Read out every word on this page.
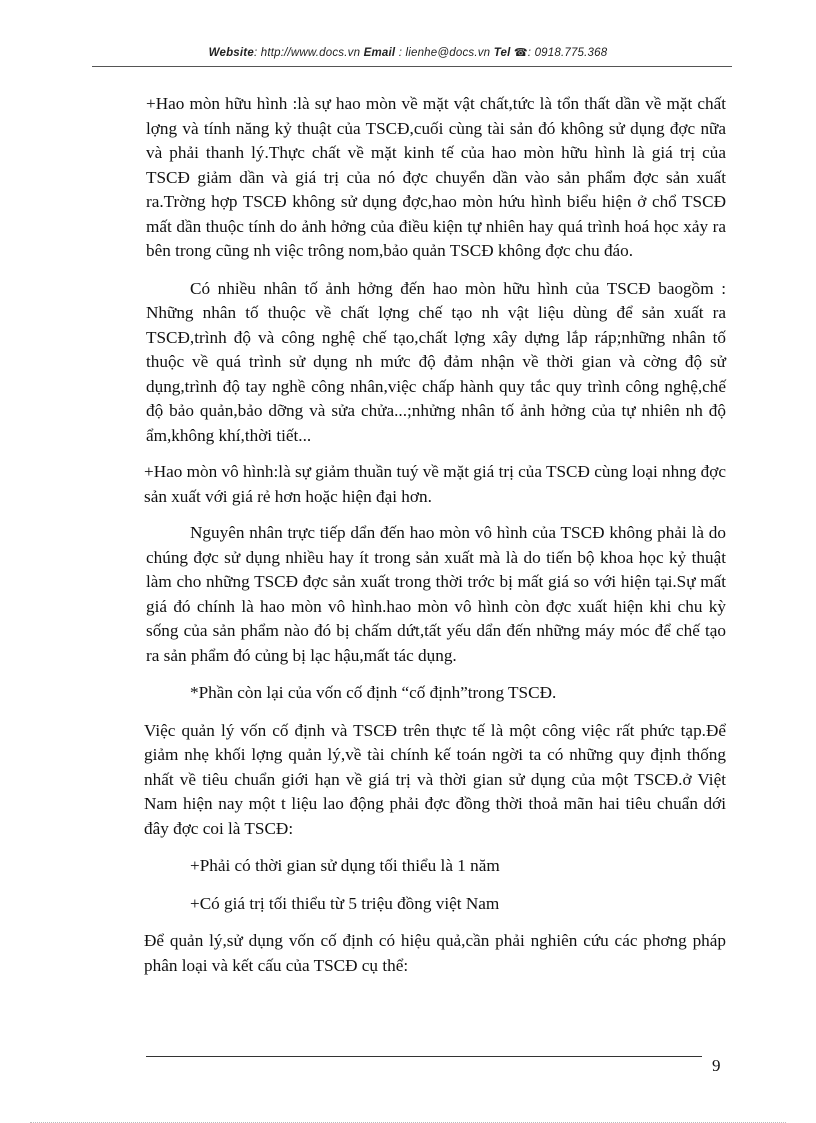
Website: http://www.docs.vn Email : lienhe@docs.vn Tel ☎: 0918.775.368

+Hao mòn hữu hình :là sự hao mòn về mặt vật chất,tức là tổn thất dần về mặt chất lợng và tính năng kỷ thuật của TSCĐ,cuối cùng tài sản đó không sử dụng đợc nữa và phải thanh lý.Thực chất về mặt kinh tế của hao mòn hữu hình là giá trị của TSCĐ giảm dần và giá trị của nó đợc chuyển dần vào sản phẩm đợc sản xuất ra.Trờng hợp TSCĐ không sử dụng đợc,hao mòn hứu hình biểu hiện ở chổ TSCĐ mất dần thuộc tính do ảnh hởng của điều kiện tự nhiên hay quá trình hoá học xảy ra bên trong cũng nh việc trông nom,bảo quản TSCĐ không đợc chu đáo.

Có nhiều nhân tố ảnh hởng đến hao mòn hữu hình của TSCĐ baogồm : Những nhân tố thuộc về chất lợng chế tạo nh vật liệu dùng để sản xuất ra TSCĐ,trình độ và công nghệ chế tạo,chất lợng xây dựng lắp ráp;những nhân tố thuộc về quá trình sử dụng nh mức độ đảm nhận về thời gian và cờng độ sử dụng,trình độ tay nghề công nhân,việc chấp hành quy tắc quy trình công nghệ,chế độ bảo quản,bảo dỡng và sửa chửa...;nhửng nhân tố ảnh hởng của tự nhiên nh độ ẩm,không khí,thời tiết...

+Hao mòn vô hình:là sự giảm thuần tuý về mặt giá trị của TSCĐ cùng loại nhng đợc sản xuất với giá rẻ hơn hoặc hiện đại hơn.

Nguyên nhân trực tiếp dẩn đến hao mòn vô hình của TSCĐ không phải là do chúng đợc sử dụng nhiều hay ít trong sản xuất mà là do tiến bộ khoa học kỷ thuật làm cho những TSCĐ đợc sản xuất trong thời trớc bị mất giá so với hiện tại.Sự mất giá đó chính là hao mòn vô hình.hao mòn vô hình còn đợc xuất hiện khi chu kỳ sống của sản phẩm nào đó bị chấm dứt,tất yếu dẩn đến những máy móc để chế tạo ra sản phẩm đó củng bị lạc hậu,mất tác dụng.

*Phần còn lại của vốn cố định “cố định”trong TSCĐ.

Việc quản lý vốn cố định và TSCĐ trên thực tế là một công việc rất phức tạp.Để giảm nhẹ khối lợng quản lý,về tài chính kế toán ngời ta có những quy định thống nhất về tiêu chuẩn giới hạn về giá trị và thời gian sử dụng của một TSCĐ.ở Việt Nam hiện nay một t liệu lao động phải đợc đồng thời thoả mãn hai tiêu chuẩn dới đây đợc coi là TSCĐ:

+Phải có thời gian sử dụng tối thiểu là 1 năm

+Có giá trị tối thiểu từ 5 triệu đồng việt Nam

Để quản lý,sử dụng vốn cố định có hiệu quả,cần phải nghiên cứu các phơng pháp phân loại và kết cấu của TSCĐ cụ thể:

9
